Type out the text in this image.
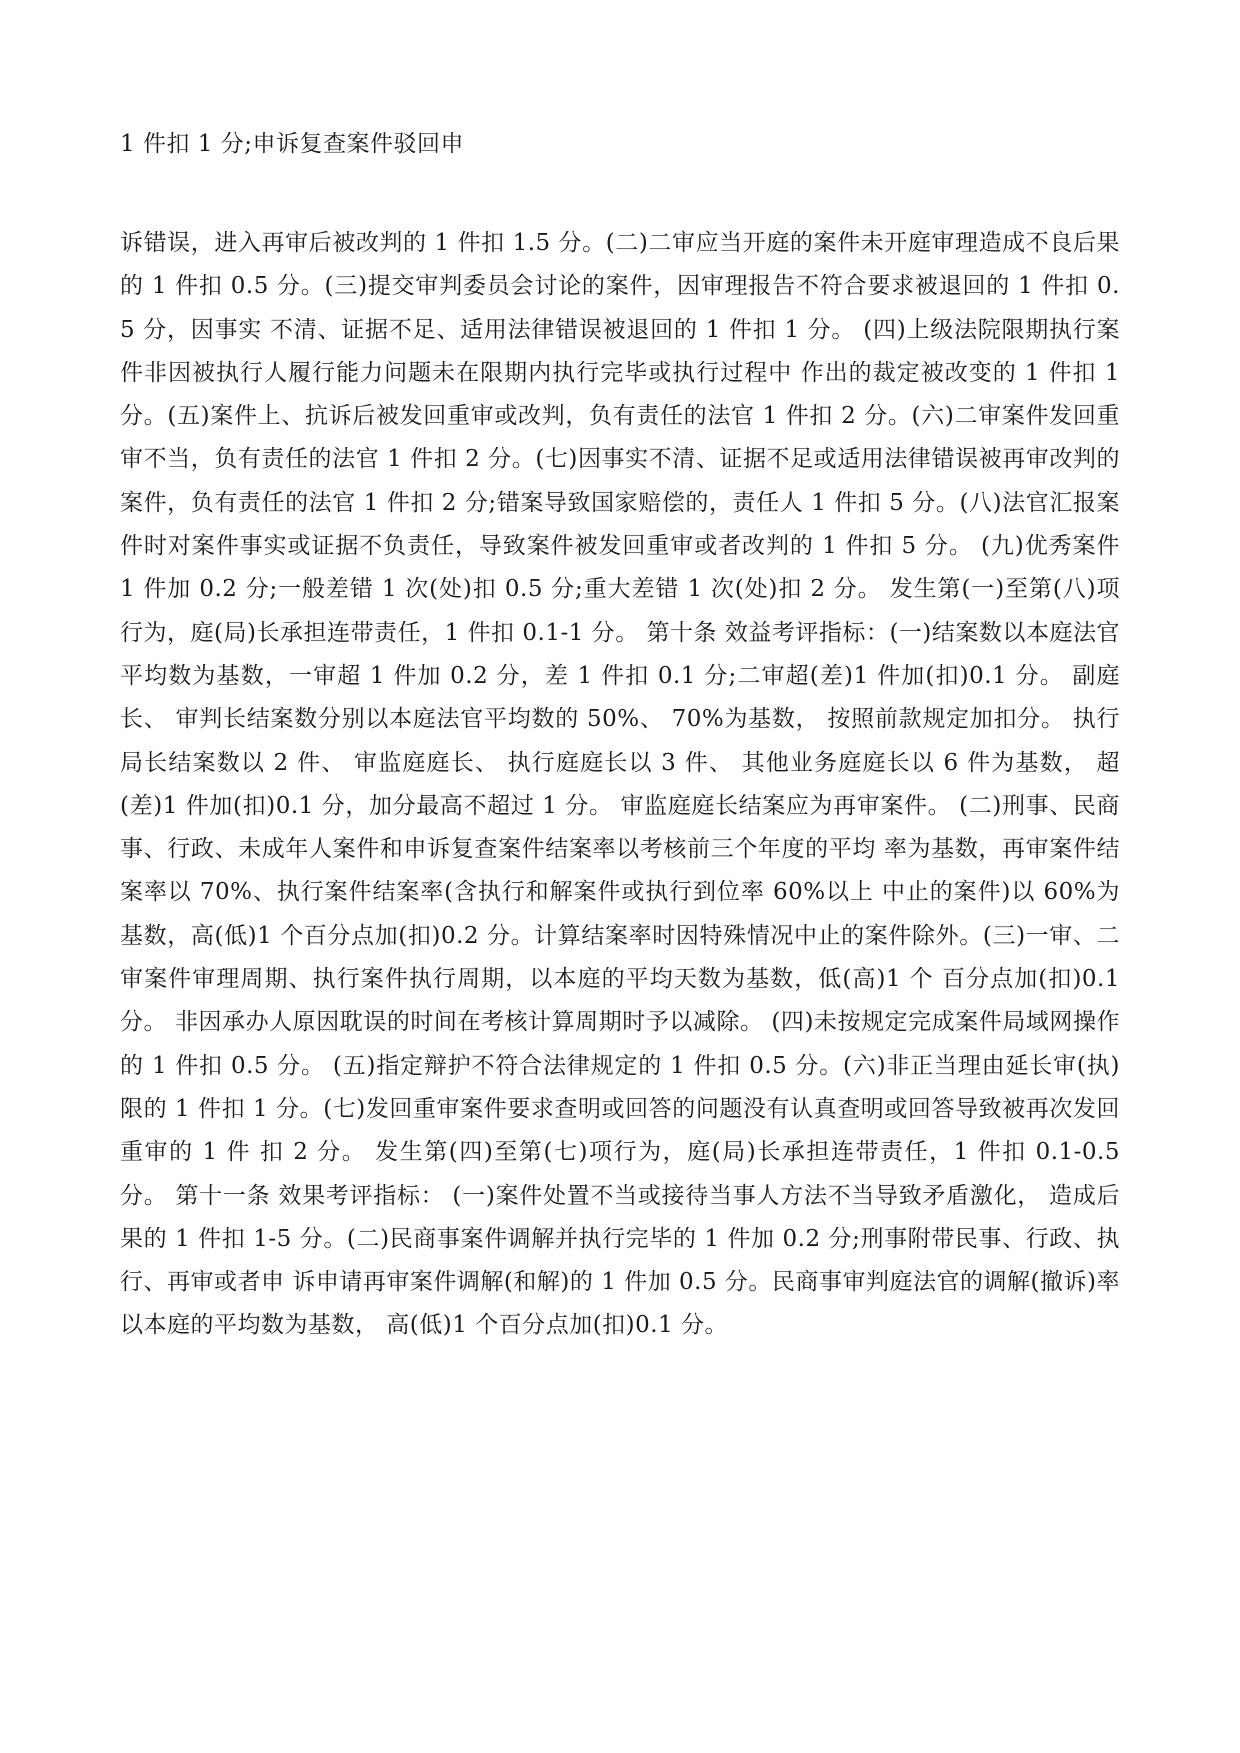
1 件扣 1 分;申诉复查案件驳回申

诉错误，进入再审后被改判的 1 件扣 1.5 分。(二)二审应当开庭的案件未开庭审理造成不良后果的 1 件扣 0.5 分。(三)提交审判委员会讨论的案件，因审理报告不符合要求被退回的 1 件扣 0.5 分，因事实 不清、证据不足、适用法律错误被退回的 1 件扣 1 分。 (四)上级法院限期执行案件非因被执行人履行能力问题未在限期内执行完毕或执行过程中 作出的裁定被改变的 1 件扣 1 分。(五)案件上、抗诉后被发回重审或改判，负有责任的法官 1 件扣 2 分。(六)二审案件发回重审不当，负有责任的法官 1 件扣 2 分。(七)因事实不清、证据不足或适用法律错误被再审改判的案件，负有责任的法官 1 件扣 2 分;错案导致国家赔偿的，责任人 1 件扣 5 分。(八)法官汇报案件时对案件事实或证据不负责任，导致案件被发回重审或者改判的 1 件扣 5 分。 (九)优秀案件 1 件加 0.2 分;一般差错 1 次(处)扣 0.5 分;重大差错 1 次(处)扣 2 分。 发生第(一)至第(八)项行为，庭(局)长承担连带责任，1 件扣 0.1-1 分。 第十条 效益考评指标：(一)结案数以本庭法官平均数为基数，一审超 1 件加 0.2 分，差 1 件扣 0.1 分;二审超(差)1 件加(扣)0.1 分。 副庭长、 审判长结案数分别以本庭法官平均数的 50%、 70%为基数， 按照前款规定加扣分。 执行局长结案数以 2 件、 审监庭庭长、 执行庭庭长以 3 件、 其他业务庭庭长以 6 件为基数， 超(差)1 件加(扣)0.1 分，加分最高不超过 1 分。 审监庭庭长结案应为再审案件。 (二)刑事、民商事、行政、未成年人案件和申诉复查案件结案率以考核前三个年度的平均 率为基数，再审案件结案率以 70%、执行案件结案率(含执行和解案件或执行到位率 60%以上 中止的案件)以 60%为基数，高(低)1 个百分点加(扣)0.2 分。计算结案率时因特殊情况中止的案件除外。(三)一审、二审案件审理周期、执行案件执行周期，以本庭的平均天数为基数，低(高)1 个 百分点加(扣)0.1 分。 非因承办人原因耽误的时间在考核计算周期时予以减除。 (四)未按规定完成案件局域网操作的 1 件扣 0.5 分。 (五)指定辩护不符合法律规定的 1 件扣 0.5 分。(六)非正当理由延长审(执)限的 1 件扣 1 分。(七)发回重审案件要求查明或回答的问题没有认真查明或回答导致被再次发回重审的 1 件 扣 2 分。 发生第(四)至第(七)项行为，庭(局)长承担连带责任，1 件扣 0.1-0.5 分。 第十一条 效果考评指标： (一)案件处置不当或接待当事人方法不当导致矛盾激化， 造成后 果的 1 件扣 1-5 分。(二)民商事案件调解并执行完毕的 1 件加 0.2 分;刑事附带民事、行政、执行、再审或者申 诉申请再审案件调解(和解)的 1 件加 0.5 分。民商事审判庭法官的调解(撤诉)率以本庭的平均数为基数， 高(低)1 个百分点加(扣)0.1 分。
